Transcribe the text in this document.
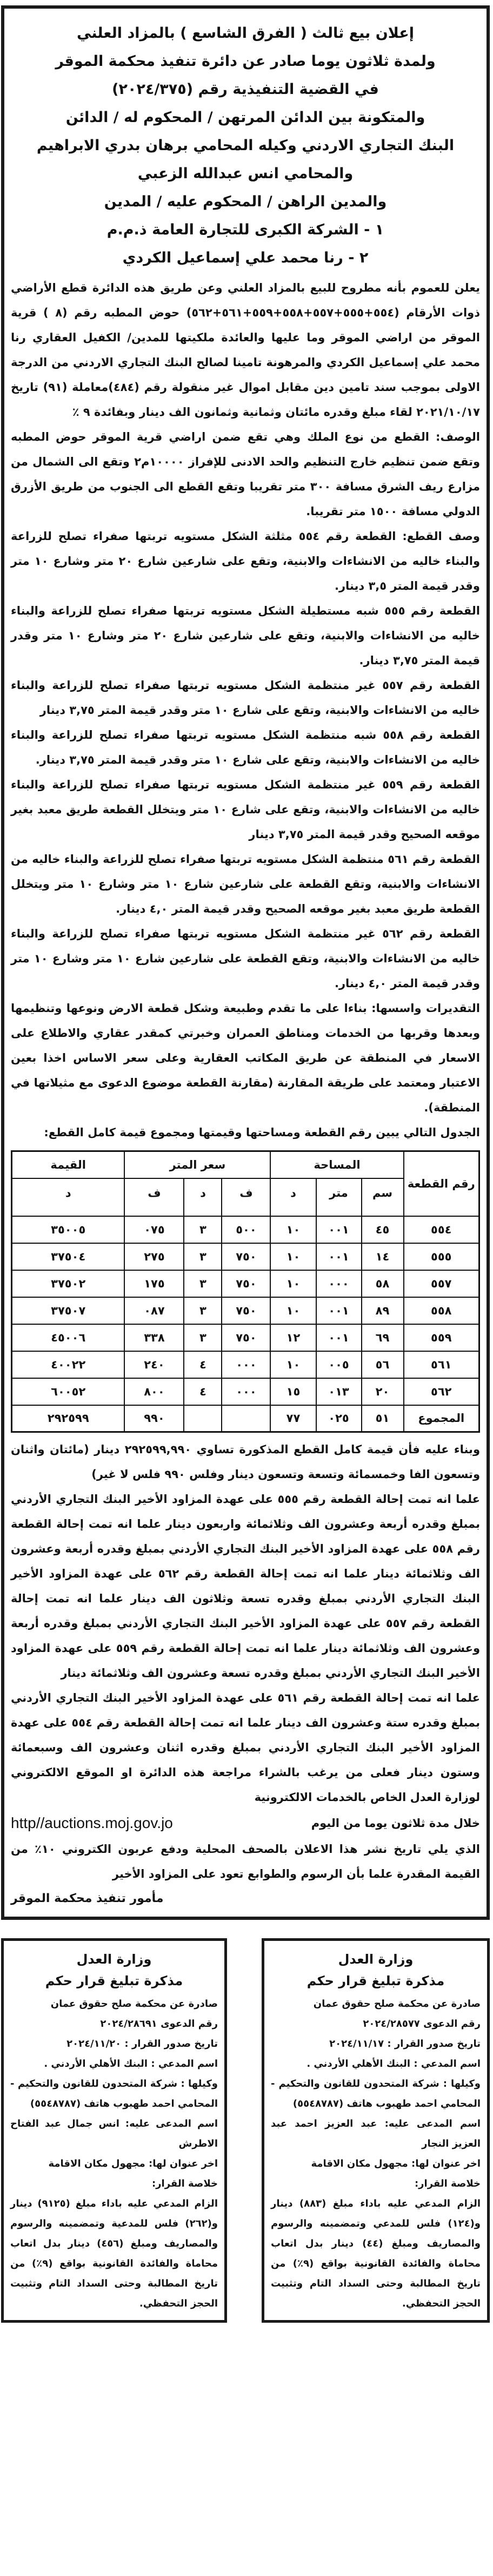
إعلان بيع ثالث ( الفرق الشاسع ) بالمزاد العلني
ولمدة ثلاثون يوما صادر عن دائرة تنفيذ محكمة الموقر
في القضية التنفيذية رقم (٢٠٢٤/٣٧٥)
والمتكونة بين الدائن المرتهن / المحكوم له / الدائن
البنك التجاري الاردني وكيله المحامي برهان بدري الابراهيم
والمحامي انس عبدالله الزعبي
والمدين الراهن / المحكوم عليه / المدين
١ - الشركة الكبرى للتجارة العامة ذ.م.م
٢ - رنا محمد علي إسماعيل الكردي

يعلن للعموم بأنه مطروح للبيع بالمزاد العلني وعن طريق هذه الدائرة قطع الأراضي ذوات الأرقام (٥٥٤+٥٥٥+٥٥٧+٥٥٨+٥٥٩+٥٦١+٥٦٢) حوض المطبه رقم (٨ ) قرية الموقر من اراضي الموقر وما عليها والعائدة ملكيتها للمدين/ الكفيل العقاري رنا محمد علي إسماعيل الكردي والمرهونة تامينا لصالح البنك التجاري الاردني من الدرجة الاولى بموجب سند تامين دين مقابل اموال غير منقولة رقم (٤٨٤)معاملة (٩١) تاريخ ٢٠٢١/١٠/١٧ لقاء مبلغ وقدره مائتان وثمانية وثمانون الف دينار وبفائدة ٩ ٪

الوصف: القطع من نوع الملك وهي تقع ضمن اراضي قرية الموقر حوض المطبه وتقع ضمن تنظيم خارج التنظيم والحد الادنى للإفراز ١٠٠٠٠م٢ وتقع الى الشمال من مزارع ريف الشرق مسافة ٣٠٠ متر تقريبا وتقع القطع الى الجنوب من طريق الأزرق الدولي مسافة ١٥٠٠ متر تقريبا.

وصف القطع: القطعة رقم ٥٥٤ مثلثة الشكل مستويه تربتها صفراء تصلح للزراعة والبناء خاليه من الانشاءات والابنية، وتقع على شارعين شارع ٢٠ متر وشارع ١٠ متر وقدر قيمة المتر ٣,٥ دينار.

القطعة رقم ٥٥٥ شبه مستطيلة الشكل مستويه تربتها صفراء تصلح للزراعة والبناء خاليه من الانشاءات والابنية، وتقع على شارعين شارع ٢٠ متر وشارع ١٠ متر وقدر قيمة المتر ٣,٧٥ دينار.

القطعة رقم ٥٥٧ غير منتظمة الشكل مستويه تربتها صفراء تصلح للزراعة والبناء خاليه من الانشاءات والابنية، وتقع على شارع ١٠ متر وقدر قيمة المتر ٣,٧٥ دينار

القطعة رقم ٥٥٨ شبه منتظمة الشكل مستويه تربتها صفراء تصلح للزراعة والبناء خاليه من الانشاءات والابنية، وتقع على شارع ١٠ متر وقدر قيمة المتر ٣,٧٥ دينار.

القطعة رقم ٥٥٩ غير منتظمة الشكل مستويه تربتها صفراء تصلح للزراعة والبناء خاليه من الانشاءات والابنية، وتقع على شارع ١٠ متر ويتخلل القطعة طريق معبد بغير موقعه الصحيح وقدر قيمة المتر ٣,٧٥ دينار

القطعة رقم ٥٦١ منتظمة الشكل مستويه تربتها صفراء تصلح للزراعة والبناء خاليه من الانشاءات والابنية، وتقع القطعة على شارعين شارع ١٠ متر وشارع ١٠ متر ويتخلل القطعة طريق معبد بغير موقعه الصحيح وقدر قيمة المتر ٤,٠ دينار.

القطعة رقم ٥٦٢ غير منتظمة الشكل مستويه تربتها صفراء تصلح للزراعة والبناء خاليه من الانشاءات والابنية، وتقع القطعة على شارعين شارع ١٠ متر وشارع ١٠ متر وقدر قيمة المتر ٤,٠ دينار.

التقديرات واسسها: بناءا على ما تقدم وطبيعة وشكل قطعة الارض ونوعها وتنظيمها وبعدها وقربها من الخدمات ومناطق العمران وخبرتي كمقدر عقاري والاطلاع على الاسعار في المنطقة عن طريق المكاتب العقارية وعلى سعر الاساس اخذا بعين الاعتبار ومعتمد على طريقة المقارنة (مقارنة القطعة موضوع الدعوى مع مثيلاتها في المنطقة).

الجدول التالي يبين رقم القطعة ومساحتها وقيمتها ومجموع قيمة كامل القطع:

رقم القطعة	المساحة			سعر المتر			القيمة
	سم	متر	د	ف	د	ف	د
٥٥٤	٤٥	٠٠١	١٠	٥٠٠	٣	٠٧٥	٣٥٠٠٥
٥٥٥	١٤	٠٠١	١٠	٧٥٠	٣	٢٧٥	٣٧٥٠٤
٥٥٧	٥٨	٠٠٠	١٠	٧٥٠	٣	١٧٥	٣٧٥٠٢
٥٥٨	٨٩	٠٠١	١٠	٧٥٠	٣	٠٨٧	٣٧٥٠٧
٥٥٩	٦٩	٠٠١	١٢	٧٥٠	٣	٣٣٨	٤٥٠٠٦
٥٦١	٥٦	٠٠٥	١٠	٠٠٠	٤	٢٤٠	٤٠٠٢٢
٥٦٢	٢٠	٠١٣	١٥	٠٠٠	٤	٨٠٠	٦٠٠٥٢
المجموع	٥١	٠٢٥	٧٧			٩٩٠	٢٩٢٥٩٩

وبناء عليه فأن قيمة كامل القطع المذكورة تساوي ٢٩٢٥٩٩,٩٩٠ دينار (مائتان واثنان وتسعون الفا وخمسمائة وتسعة وتسعون دينار وفلس ٩٩٠ فلس لا غير)

علما انه تمت إحالة القطعة رقم ٥٥٥ على عهدة المزاود الأخير البنك التجاري الأردني بمبلغ وقدره أربعة وعشرون الف وثلاثمائة واربعون دينار علما انه تمت إحالة القطعة رقم ٥٥٨ على عهدة المزاود الأخير البنك التجاري الأردني بمبلغ وقدره أربعة وعشرون الف وثلاثمائة دينار علما انه تمت إحالة القطعة رقم ٥٦٢ على عهدة المزاود الأخير البنك التجاري الأردني بمبلغ وقدره تسعة وثلاثون الف دينار علما انه تمت إحالة القطعة رقم ٥٥٧ على عهدة المزاود الأخير البنك التجاري الأردني بمبلغ وقدره أربعة وعشرون الف وثلاثمائة دينار علما انه تمت إحالة القطعة رقم ٥٥٩ على عهدة المزاود الأخير البنك التجاري الأردني بمبلغ وقدره تسعة وعشرون الف وثلاثمائة دينار

علما انه تمت إحالة القطعة رقم ٥٦١ على عهدة المزاود الأخير البنك التجاري الأردني بمبلغ وقدره ستة وعشرون الف دينار علما انه تمت إحالة القطعة رقم ٥٥٤ على عهدة المزاود الأخير البنك التجاري الأردني بمبلغ وقدره اثنان وعشرون الف وسبعمائة وستون دينار فعلى من يرغب بالشراء مراجعة هذه الدائرة او الموقع الالكتروني لوزارة العدل الخاص بالخدمات الالكترونية

خلال مدة ثلاثون يوما من اليوم
http//auctions.moj.gov.jo

الذي يلي تاريخ نشر هذا الاعلان بالصحف المحلية ودفع عربون الكتروني ١٠٪ من القيمة المقدرة علما بأن الرسوم والطوابع تعود على المزاود الأخير

مأمور تنفيذ محكمة الموقر
وزارة العدل
مذكرة تبليغ قرار حكم

صادرة عن محكمة صلح حقوق عمان

رقم الدعوى ٢٠٢٤/٢٨٦٩١

تاريخ صدور القرار : ٢٠٢٤/١١/٢٠

اسم المدعي : البنك الأهلي الأردني .

وكيلها : شركة المتحدون للقانون والتحكيم - المحامي احمد طهبوب هاتف (٥٥٤٨٧٨٧)

اسم المدعى عليه: انس جمال عبد الفتاح الاطرش

اخر عنوان لها: مجهول مكان الاقامة

خلاصة القرار:

الزام المدعي عليه باداء مبلغ (٩١٢٥) دينار و(٢٦٢) فلس للمدعية وتمضمينه والرسوم والمصاريف ومبلغ (٤٥٦) دينار بدل اتعاب محاماة والفائدة القانونية بواقع (٩٪) من تاريخ المطالبة وحتى السداد التام وتثبيت الحجز التحفظي.

وزارة العدل
مذكرة تبليغ قرار حكم

صادرة عن محكمة صلح حقوق عمان

رقم الدعوى ٢٠٢٤/٢٨٥٧٧

تاريخ صدور القرار : ٢٠٢٤/١١/١٧

اسم المدعي : البنك الأهلي الأردني .

وكيلها : شركة المتحدون للقانون والتحكيم - المحامي احمد طهبوب هاتف (٥٥٤٨٧٨٧)

اسم المدعى عليه: عبد العزيز احمد عبد العزيز النجار

اخر عنوان لها: مجهول مكان الاقامة

خلاصة القرار:

الزام المدعي عليه باداء مبلغ (٨٨٣) دينار و(١٢٤) فلس للمدعي وتمضمينه والرسوم والمصاريف ومبلغ (٤٤) دينار بدل اتعاب محاماة والفائدة القانونية بواقع (٩٪) من تاريخ المطالبة وحتى السداد التام وتثبيت الحجز التحفظي.
